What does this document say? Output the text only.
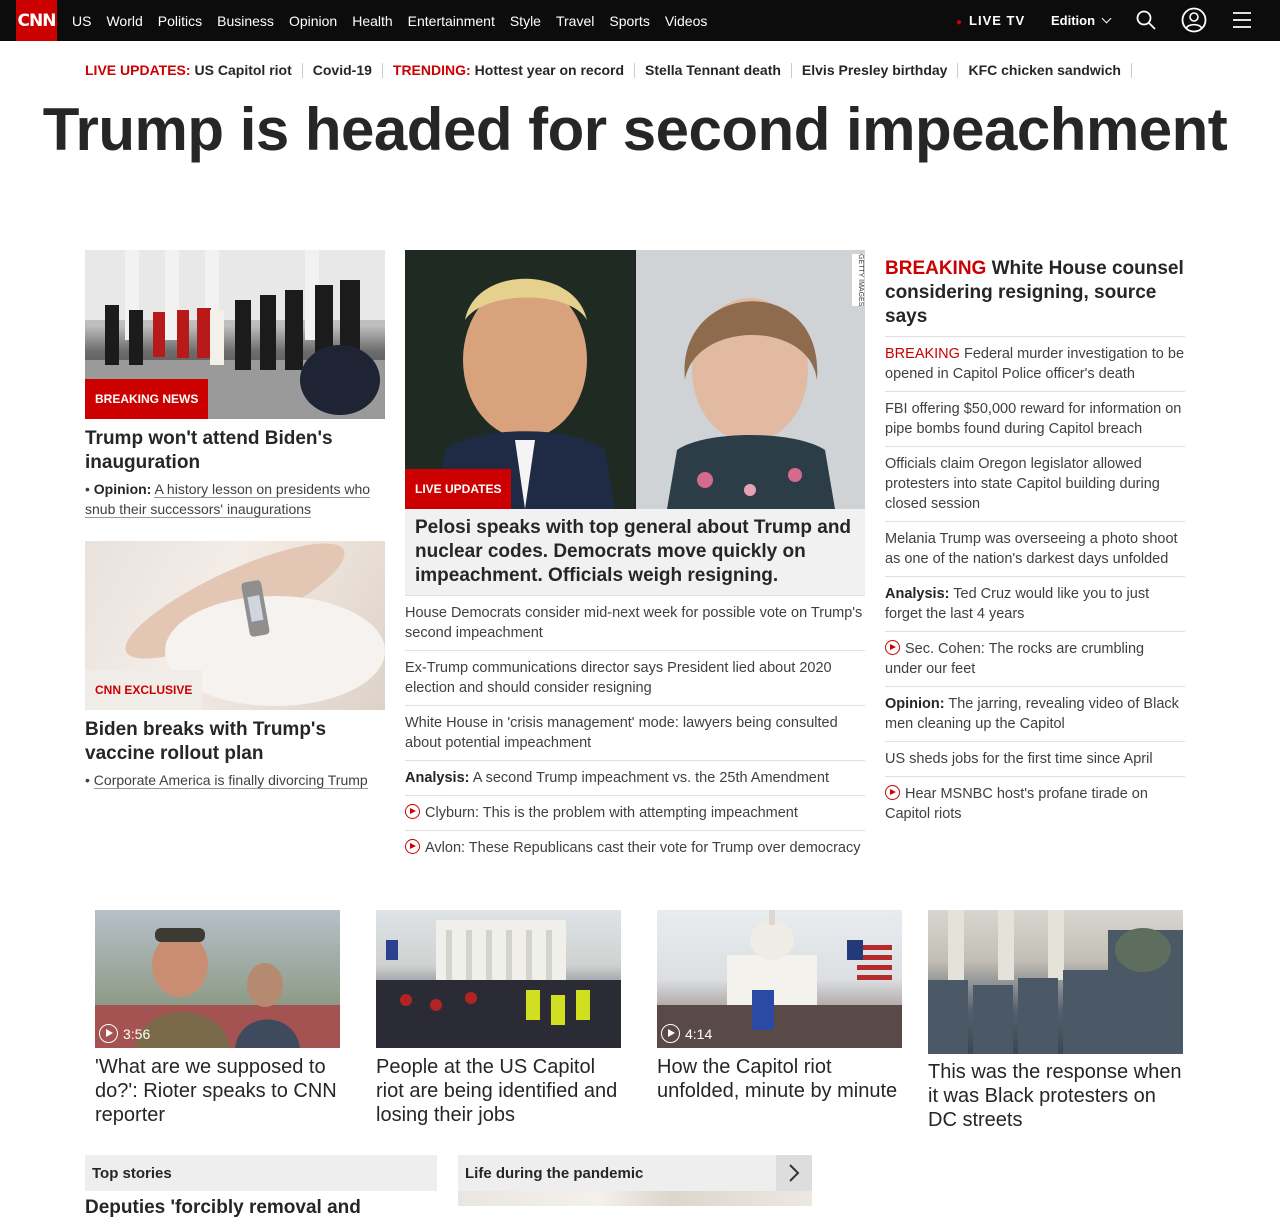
CNN US World Politics Business Opinion Health Entertainment Style Travel Sports Videos	● LIVE TV Edition
LIVE UPDATES: US Capitol riot Covid-19 TRENDING: Hottest year on record Stella Tennant death Elvis Presley birthday KFC chicken sandwich
Trump is headed for second impeachment
BREAKING NEWS
Trump won't attend Biden's inauguration
• Opinion: A history lesson on presidents who snub their successors' inaugurations
CNN EXCLUSIVE
Biden breaks with Trump's vaccine rollout plan
• Corporate America is finally divorcing Trump
GETTY IMAGES
LIVE UPDATES
Pelosi speaks with top general about Trump and nuclear codes. Democrats move quickly on impeachment. Officials weigh resigning.
House Democrats consider mid-next week for possible vote on Trump's second impeachment
Ex-Trump communications director says President lied about 2020 election and should consider resigning
White House in 'crisis management' mode: lawyers being consulted about potential impeachment
Analysis: A second Trump impeachment vs. the 25th Amendment
Clyburn: This is the problem with attempting impeachment
Avlon: These Republicans cast their vote for Trump over democracy
BREAKING White House counsel considering resigning, source says
BREAKING Federal murder investigation to be opened in Capitol Police officer's death
FBI offering $50,000 reward for information on pipe bombs found during Capitol breach
Officials claim Oregon legislator allowed protesters into state Capitol building during closed session
Melania Trump was overseeing a photo shoot as one of the nation's darkest days unfolded
Analysis: Ted Cruz would like you to just forget the last 4 years
Sec. Cohen: The rocks are crumbling under our feet
Opinion: The jarring, revealing video of Black men cleaning up the Capitol
US sheds jobs for the first time since April
Hear MSNBC host's profane tirade on Capitol riots
3:56
'What are we supposed to do?': Rioter speaks to CNN reporter
People at the US Capitol riot are being identified and losing their jobs
4:14
How the Capitol riot unfolded, minute by minute
This was the response when it was Black protesters on DC streets
Top stories
Deputies 'forcibly removal and
Life during the pandemic
